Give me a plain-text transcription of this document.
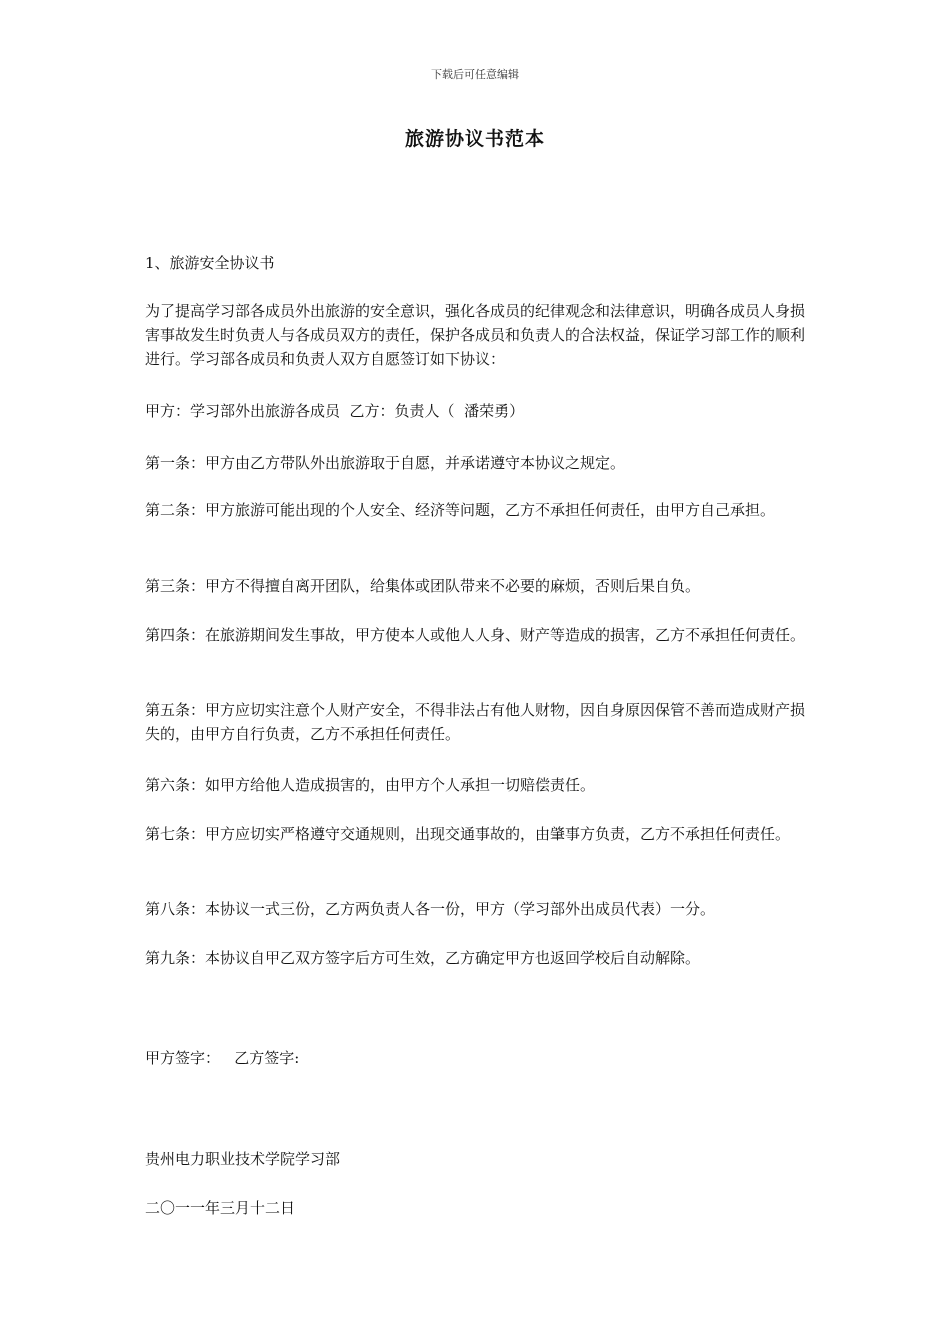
下载后可任意编辑
旅游协议书范本
1、旅游安全协议书
为了提高学习部各成员外出旅游的安全意识，强化各成员的纪律观念和法律意识，明确各成员人身损害事故发生时负责人与各成员双方的责任，保护各成员和负责人的合法权益，保证学习部工作的顺利进行。学习部各成员和负责人双方自愿签订如下协议：
甲方：学习部外出旅游各成员  乙方：负责人（  潘荣勇）
第一条：甲方由乙方带队外出旅游取于自愿，并承诺遵守本协议之规定。
第二条：甲方旅游可能出现的个人安全、经济等问题，乙方不承担任何责任，由甲方自己承担。
第三条：甲方不得擅自离开团队，给集体或团队带来不必要的麻烦，否则后果自负。
第四条：在旅游期间发生事故，甲方使本人或他人人身、财产等造成的损害，乙方不承担任何责任。
第五条：甲方应切实注意个人财产安全，不得非法占有他人财物，因自身原因保管不善而造成财产损失的，由甲方自行负责，乙方不承担任何责任。
第六条：如甲方给他人造成损害的，由甲方个人承担一切赔偿责任。
第七条：甲方应切实严格遵守交通规则，出现交通事故的，由肇事方负责，乙方不承担任何责任。
第八条：本协议一式三份，乙方两负责人各一份，甲方（学习部外出成员代表）一分。
第九条：本协议自甲乙双方签字后方可生效，乙方确定甲方也返回学校后自动解除。
甲方签字：   乙方签字:
贵州电力职业技术学院学习部
二〇一一年三月十二日
